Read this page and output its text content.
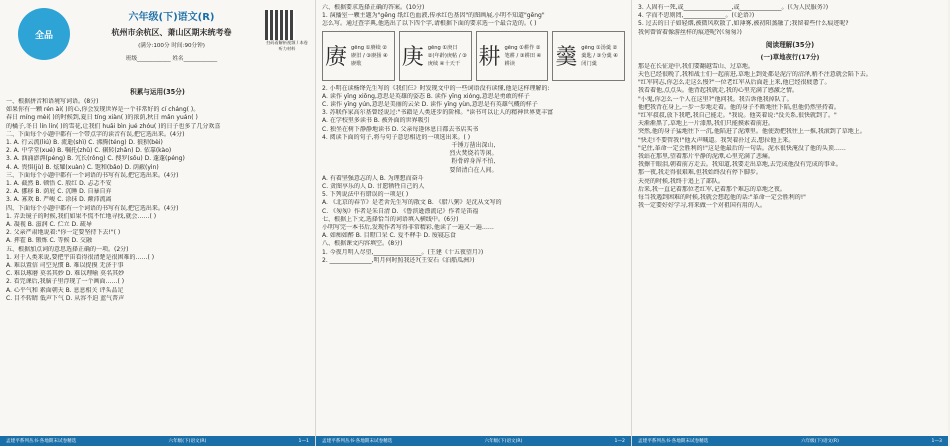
全品
六年级(下)语文(R)
杭州市余杭区、萧山区期末统考卷
(满分:100分 时间:90分钟)
班级____________ 姓名____________
扫码看解析视频 / 本卷听力材料
积累与运用(35分)

一、根据拼音和语境写词语。(8分)

如果你有一颗 rén ài( )的心,你会发现世界是一个非常好的 cí cháng( )。

春日 míng mèi( )的时候到,夏日 tíng xiàn( )的浓荫,秋日 mǎn yuán( )

的橘子,冬日 lín lín( )的雪花,让我们 huāi bìn jué zhóu( )的日子也多了几分欢喜

二、下面每个小题中都有一个带点字的读音有误,把它选出来。(4分)

1. A. 行云流(liú) B. 流逝(shì) C. 沸腾(téng) D. 狼狈(bèi)

2. A. 中学堂(xué) B. 嘱托(zhǔ) C. 辗转(zhǎn) D. 依靠(kào)

3. A. 汹涌澎湃(péng) B. 冗长(rǒng) C. 搜罗(sōu) D. 蓬蓬(péng)

4. A. 畏惧(jù) B. 炫耀(xuàn) C. 饱和(bǎo) D. 荫蔽(yìn)

三、下面每个小题中都有一个词语的书写有误,把它选出来。(4分)

1. A. 截然 B. 顿悟 C. 殷红 D. 忐忑不安

2. A. 挪移 B. 荫庇 C. 沉睡 D. 自暴自弃

3. A. 寡欢 B. 严峻 C. 涂抹 D. 颠沛流离

四、下面每个小题中都有一个词语的书写有误,把它选出来。(4分)

1. 弄丢镜子的时候,我们如果不慌不忙地寻找,就会……( )

A. 凝视 B. 滋润 C. 伫立 D. 疏导

2. 父亲严肃地说着:"你一定要坚持下去!"( )

A. 挥霍 B. 锻炼 C. 等候 D. 交融

五、根据加点词的意思选择正确的一项。(2分)

1. 对于人类来说,要把宇宙看得很清楚是很困难的……( )

A. 难以置信 司空见惯 B. 难以捉摸 无济于事

C. 难以琢磨 莫名其妙 D. 难以理喻 莫名其妙

2. 看完课后,我脑子里浮现了一个画面……( )

A. 心平气和 素面朝天 B. 息息相关 评头品足

C. 目不转睛 低声下气 D. 从容不迫 蓝气普声

孟建平系列丛书·各地期末试卷精选	六年级(下)语文(R)	1—1

六、根据要求选择正确的答案。(10分)

1. 演播室一颗主题为"gēng 纸红色血液,传承红色基因"的图画展,小明不知道"gēng"

怎么写。通过查字典,他选出了以下四个字,请根据下面的要求选一个最合适的。( )

赓 gēng ①赓续 ②赓旧 / ③赓扬 ④赓歌	庚 gēng ①庚日 ②(年龄)庚帖 / ③庚续 ④十天干 耕 gēng ①耕作 ②笔耕 / ③耕田 ④耕读	羹 gēng ①汤羹 ②羹匙 / ③分羹 ④闭门羹

2. 小明在读杨绛先生写的《我们仨》时发现文中的一些词语没有读懂,他是这样理解的:

A. 读作 yīng xiōng,意思是英雄的姿态 B. 读作 yīng xióng,意思是勇敢的样子

C. 读作 yīng yún,意思是美丽的云朵 D. 读作 yīng yùn,意思是有英雄气概的样子

3. 苏联作家高尔基曾经说过:"书籍是人类进步的阶梯。"读书可以让人的精神世界更丰富

A. 在学校里多读书 B. 被外面的世界吸引

C. 独坐在树下静静地读书 D. 父亲每逢休息日都去书店买书

4. 阅读下面的句子,将与句子意思相近的一项选出来。( )

千锤万凿出深山,
烈火焚烧若等闲。
粉骨碎身浑不怕,
要留清白在人间。

A. 有着坚强意志的人 B. 为理想而奋斗

C. 贪图享乐的人 D. 甘愿牺牲自己的人

5. 下列说法中有错误的一项是( )

A. 《北京的春节》是老舍先生写的散文 B. 《腊八粥》是沈从文写的

C. 《匆匆》作者是朱自清 D. 《鲁滨逊漂流记》作者是笛福

七、根据上下文,选择恰当的词语填入横线中。(6分)

小明写完一本书后,发现作者写得非常精彩,他读了一遍又一遍……

A. 如痴如醉 B. 目瞪口呆 C. 爱不释手 D. 废寝忘食

八、根据课文内容填空。(8分)

1. 今夜月明人尽望,________________。(王建《十五夜望月》)

2. ______________,明月何时照我还?(王安石《泊船瓜洲》)

孟建平系列丛书·各地期末试卷精选	六年级(下)语文(R)	1—2

3. 人固有一死,或________________,或______________。(《为人民服务》)

4. 学而不思则罔,______________。(《论语》)

5. 过去的日子如轻烟,被微风吹散了,如薄雾,被初阳蒸融了;我留着些什么痕迹呢?

我何曾留着像游丝样的痕迹呢?(《匆匆》)

阅读理解(35分)
(一)草地夜行(17分)

那是在长征途中,我们要翻越雪山、过草地。

天色已经很晚了,我和战士们一起前进,草地上到处都是泥泞的沼泽,稍不注意就会陷下去。

"红军同志,你怎么走这么慢?"一位老红军从后面赶上来,他已经很疲惫了。

我看着他,点点头。他背起我就走,我的心里充满了感激之情。

"小鬼,你怎么一个人在这里?"他问我。我告诉他我掉队了。

他把我背在身上,一步一步地走着。他的身子不断地往下陷,但他仍然坚持着。

"红军叔叔,放下我吧,我自己能走。"我说。他笑着说:"没关系,很快就到了。"

天渐渐黑了,草地上一片漆黑,我们只能摸索着前进。

突然,他的身子猛地往下一沉,他陷进了泥潭里。他使劲把我往上一推,我滚到了草地上。

"快走!不要管我!"他大声喊道。我哭着扑过去,想拉他上来。

"记住,革命一定会胜利的!"这是他最后的一句话。泥水很快淹没了他的头顶……

我站在那里,望着那片平静的泥潭,心里充满了悲痛。

我擦干眼泪,朝着前方走去。我知道,我要走出草地,去完成他没有完成的事业。

那一夜,我走得很艰难,但我始终没有停下脚步。

天亮的时候,我终于追上了部队。

后来,我一直记着那位老红军,记着那个难忘的草地之夜。

每当我遇到困难的时候,我就会想起他的话:"革命一定会胜利的!"

我一定要好好学习,将来做一个对祖国有用的人。

孟建平系列丛书·各地期末试卷精选	六年级(下)语文(R)	1—3
